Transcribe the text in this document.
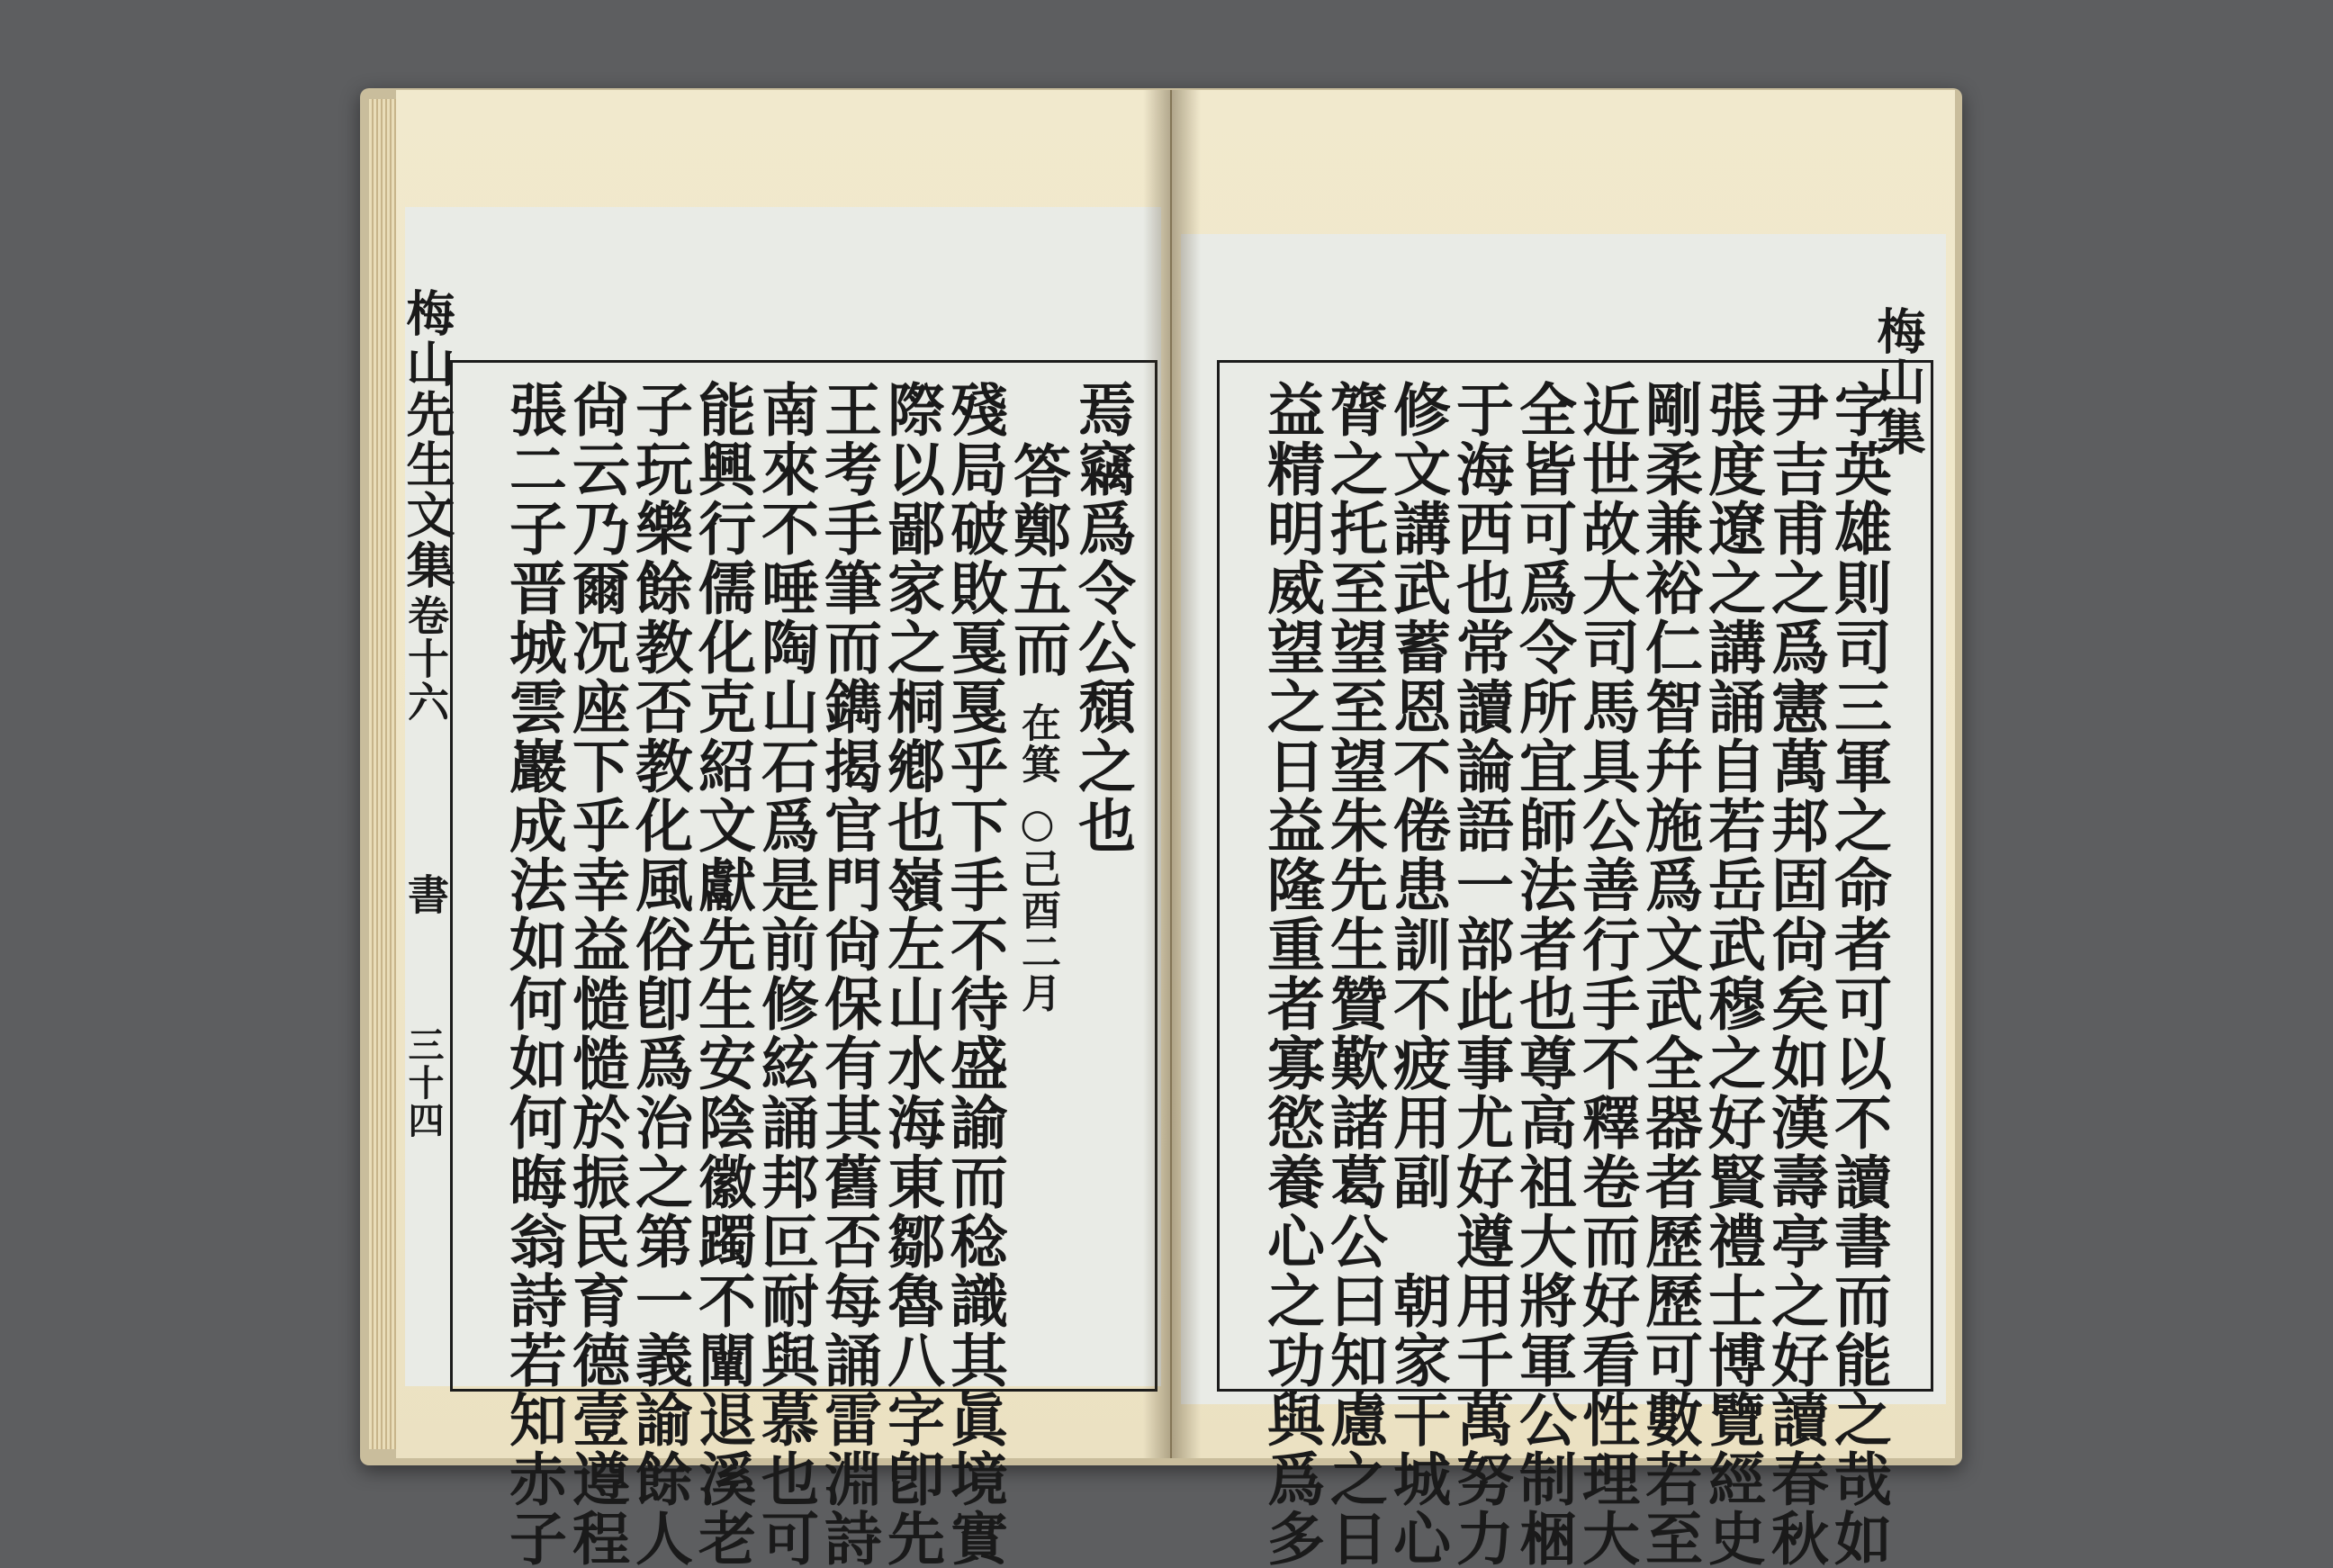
梅山先生文集
卷十六
書
三十四
焉竊爲令公頹之也
答鄭五而
在箕 ○己酉二月
殘局破敗戛戛乎下手不待盛諭而稔識其眞境實
際以鄙家之桐鄕也嶺左山水海東鄒魯八字卽先
王考手筆而鐫揭官門尙保有其舊否每誦雷淵詩
南來不唾陶山石爲是前修絃誦邦叵耐與慕也可
能興行儒化克紹文獻先生安陰徽躅不闡退溪老
子玩樂餘教否教化風俗卽爲治之第一義諭餘人
尙云乃爾况座下乎幸益慥慥於振民育德壹遵程
張二子晋城雲巖成法如何如何晦翁詩若知赤子	梅山集
字英雄則司三軍之命者可以不讀書而能之哉如
尹吉甫之爲憲萬邦固尙矣如漢壽亭之好讀春秋
張度遼之講誦自若岳武穆之好賢禮士博覽經史
剛柔兼裕仁智幷施爲文武全器者歷歷可數若至
近世故大司馬具公善行手不釋卷而好看性理大
全皆可爲令所宜師法者也尊高祖大將軍公制梱
于海西也常讀論語一部此事尤好遵用千萬努力
修文講武蓄恩不倦患訓不疲用副　朝家干城心
膂之托至望至望朱先生贊歎諸葛公曰知慮之日
益精明威望之日益隆重者寡慾養心之功與爲多
